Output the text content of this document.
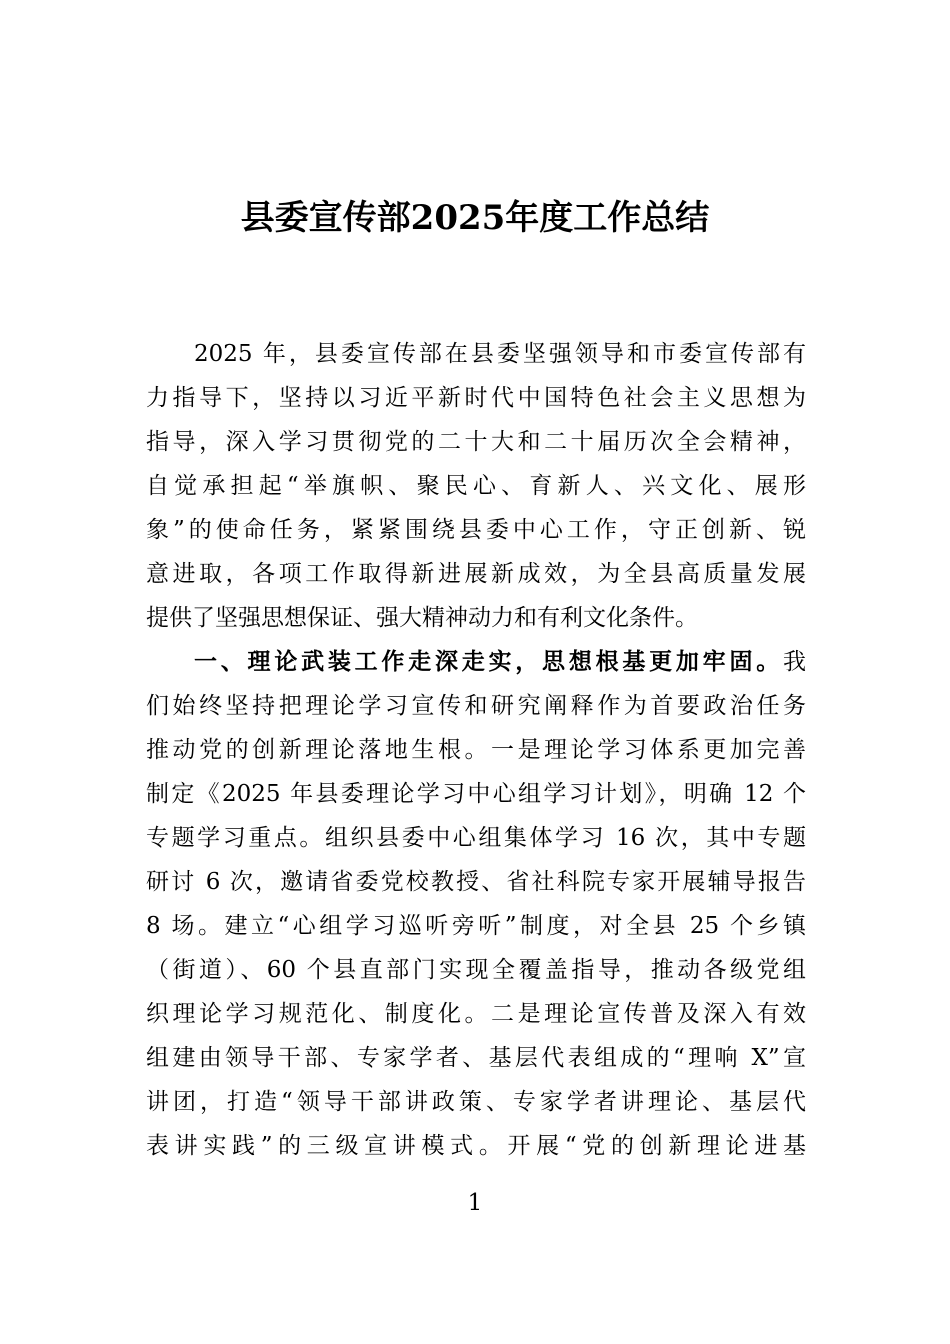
县委宣传部2025年度工作总结
2025 年，县委宣传部在县委坚强领导和市委宣传部有
力指导下，坚持以习近平新时代中国特色社会主义思想为
指导，深入学习贯彻党的二十大和二十届历次全会精神，
自觉承担起“举旗帜、聚民心、育新人、兴文化、展形
象”的使命任务，紧紧围绕县委中心工作，守正创新、锐
意进取，各项工作取得新进展新成效，为全县高质量发展
提供了坚强思想保证、强大精神动力和有利文化条件。
一、理论武装工作走深走实，思想根基更加牢固。我
们始终坚持把理论学习宣传和研究阐释作为首要政治任务
推动党的创新理论落地生根。一是理论学习体系更加完善
制定《2025 年县委理论学习中心组学习计划》，明确 12 个
专题学习重点。组织县委中心组集体学习 16 次，其中专题
研讨 6 次，邀请省委党校教授、省社科院专家开展辅导报告
8 场。建立“心组学习巡听旁听”制度，对全县 25 个乡镇
（街道）、60 个县直部门实现全覆盖指导，推动各级党组
织理论学习规范化、制度化。二是理论宣传普及深入有效
组建由领导干部、专家学者、基层代表组成的“理响 X”宣
讲团，打造“领导干部讲政策、专家学者讲理论、基层代
表讲实践”的三级宣讲模式。开展“党的创新理论进基
1
